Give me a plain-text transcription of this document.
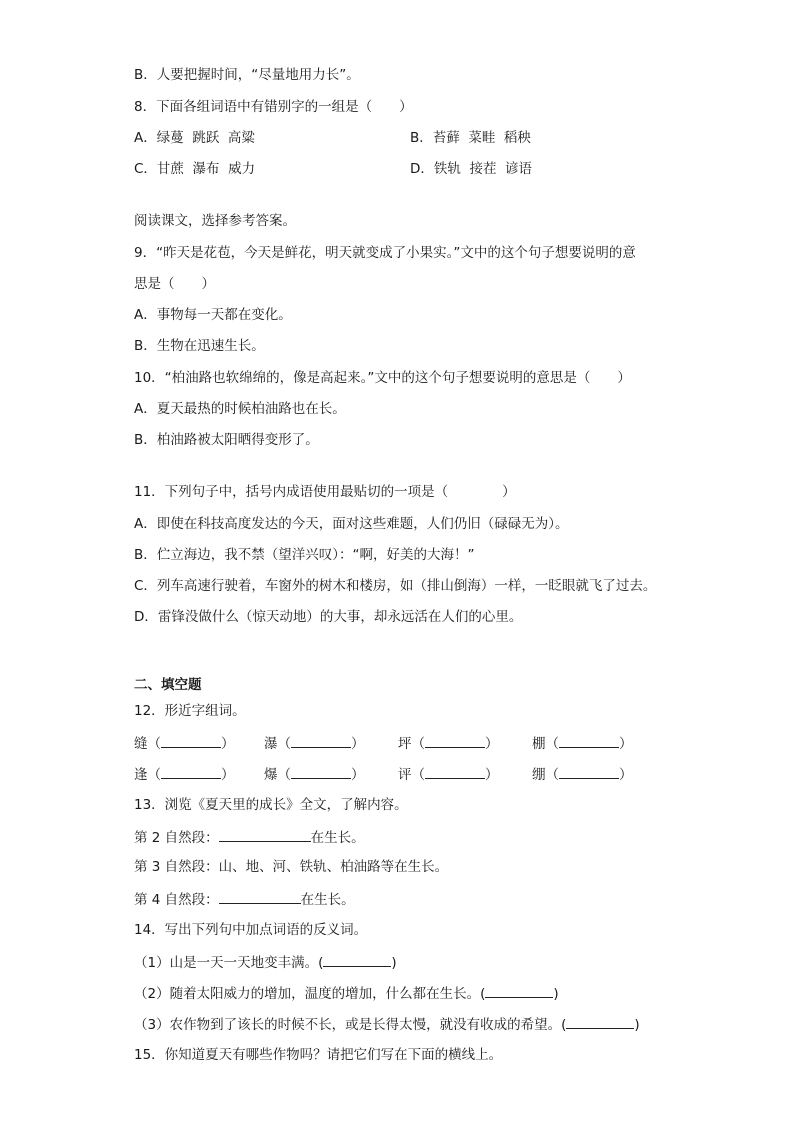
B．人要把握时间，“尽量地用力长”。
8．下面各组词语中有错别字的一组是（　　）
A．绿蔓  跳跃  高粱	B．苔藓  菜畦  稻秧
C．甘蔗  瀑布  威力	D．铁轨  接茬  谚语
阅读课文，选择参考答案。
9．“昨天是花苞，今天是鲜花，明天就变成了小果实。”文中的这个句子想要说明的意
思是（　　）
A．事物每一天都在变化。
B．生物在迅速生长。
10．“柏油路也软绵绵的，像是高起来。”文中的这个句子想要说明的意思是（　　）
A．夏天最热的时候柏油路也在长。
B．柏油路被太阳晒得变形了。
11．下列句子中，括号内成语使用最贴切的一项是（　　　　）
A．即使在科技高度发达的今天，面对这些难题，人们仍旧（碌碌无为）。
B．伫立海边，我不禁（望洋兴叹）：“啊，好美的大海！”
C．列车高速行驶着，车窗外的树木和楼房，如（排山倒海）一样，一眨眼就飞了过去。
D．雷锋没做什么（惊天动地）的大事，却永远活在人们的心里。
二、填空题
12．形近字组词。
缝（	） 瀑（	） 坪（	） 棚（	）
逢（	） 爆（	） 评（	） 绷（	）
13．浏览《夏天里的成长》全文，了解内容。
第 2 自然段：	在生长。
第 3 自然段：山、地、河、铁轨、柏油路等在生长。
第 4 自然段：	在生长。
14．写出下列句中加点词语的反义词。
（1）山是一天一天地变丰满。(	)
（2）随着太阳威力的增加，温度的增加，什么都在生长。(	)
（3）农作物到了该长的时候不长，或是长得太慢，就没有收成的希望。(	)
15．你知道夏天有哪些作物吗？请把它们写在下面的横线上。
